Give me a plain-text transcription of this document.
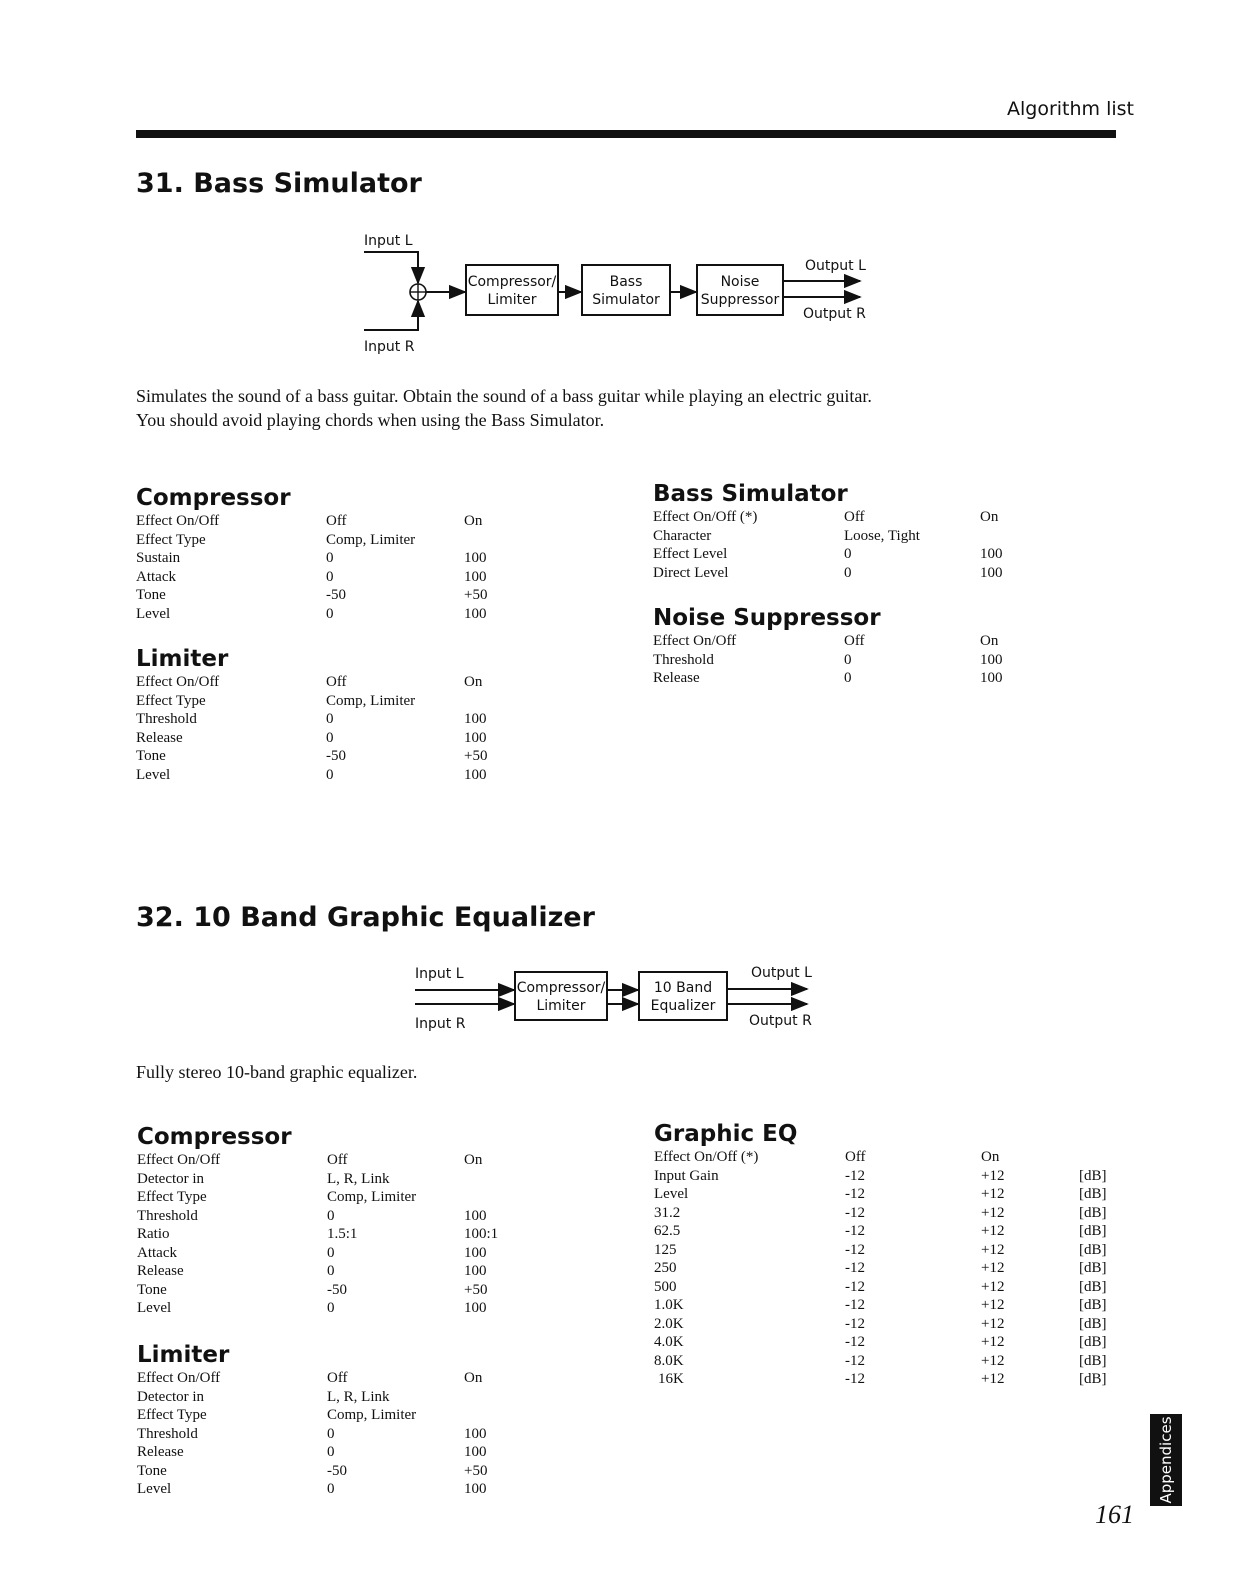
Algorithm list
31. Bass Simulator
Input L
Input R
Compressor/
Limiter
Bass
Simulator
Noise
Suppressor
Output L
Output R
Simulates the sound of a bass guitar. Obtain the sound of a bass guitar while playing an electric guitar.
You should avoid playing chords when using the Bass Simulator.
Compressor
Effect On/Off	Off	On
Effect Type	Comp, Limiter
Sustain	0	100
Attack	0	100
Tone	-50	+50
Level	0	100
Limiter
Effect On/Off	Off	On
Effect Type	Comp, Limiter
Threshold	0	100
Release	0	100
Tone	-50	+50
Level	0	100
Bass Simulator
Effect On/Off (*)	Off	On
Character	Loose, Tight
Effect Level	0	100
Direct Level	0	100
Noise Suppressor
Effect On/Off	Off	On
Threshold	0	100
Release	0	100
32. 10 Band Graphic Equalizer
Input L
Input R
Compressor/
Limiter
10 Band
Equalizer
Output L
Output R
Fully stereo 10-band graphic equalizer.
Compressor
Effect On/Off	Off	On
Detector in	L, R, Link
Effect Type	Comp, Limiter
Threshold	0	100
Ratio	1.5:1	100:1
Attack	0	100
Release	0	100
Tone	-50	+50
Level	0	100
Limiter
Effect On/Off	Off	On
Detector in	L, R, Link
Effect Type	Comp, Limiter
Threshold	0	100
Release	0	100
Tone	-50	+50
Level	0	100
Graphic EQ
Effect On/Off (*)	Off	On
Input Gain	-12	+12	[dB]
Level	-12	+12	[dB]
31.2	-12	+12	[dB]
62.5	-12	+12	[dB]
125	-12	+12	[dB]
250	-12	+12	[dB]
500	-12	+12	[dB]
1.0K	-12	+12	[dB]
2.0K	-12	+12	[dB]
4.0K	-12	+12	[dB]
8.0K	-12	+12	[dB]
16K	-12	+12	[dB]
Appendices
161
